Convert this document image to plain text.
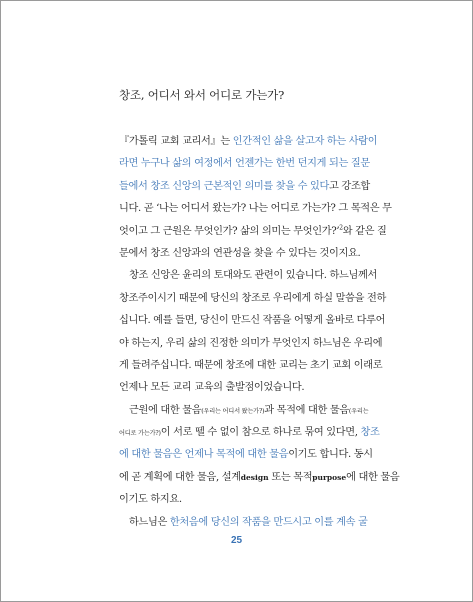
창조, 어디서 와서 어디로 가는가?
『가톨릭 교회 교리서』는 인간적인 삶을 살고자 하는 사람이
라면 누구나 삶의 여정에서 언젠가는 한번 던지게 되는 질문
들에서 창조 신앙의 근본적인 의미를 찾을 수 있다고 강조합
니다. 곧 ‘나는 어디서 왔는가? 나는 어디로 가는가? 그 목적은 무
엇이고 그 근원은 무엇인가? 삶의 의미는 무엇인가?’$^2$와 같은 질
문에서 창조 신앙과의 연관성을 찾을 수 있다는 것이지요.
창조 신앙은 윤리의 토대와도 관련이 있습니다. 하느님께서
창조주이시기 때문에 당신의 창조로 우리에게 하실 말씀을 전하
십니다. 예를 들면, 당신이 만드신 작품을 어떻게 올바로 다루어
야 하는지, 우리 삶의 진정한 의미가 무엇인지 하느님은 우리에
게 들려주십니다. 때문에 창조에 대한 교리는 초기 교회 이래로
언제나 모든 교리 교육의 출발점이었습니다.
근원에 대한 물음(우리는 어디서 왔는가?)과 목적에 대한 물음(우리는
어디로 가는가?)이 서로 뗄 수 없이 참으로 하나로 묶여 있다면, 창조
에 대한 물음은 언제나 목적에 대한 물음이기도 합니다. 동시
에 곧 계획에 대한 물음, 설계design 또는 목적purpose에 대한 물음
이기도 하지요.
하느님은 한처음에 당신의 작품을 만드시고 이를 계속 굴
25
